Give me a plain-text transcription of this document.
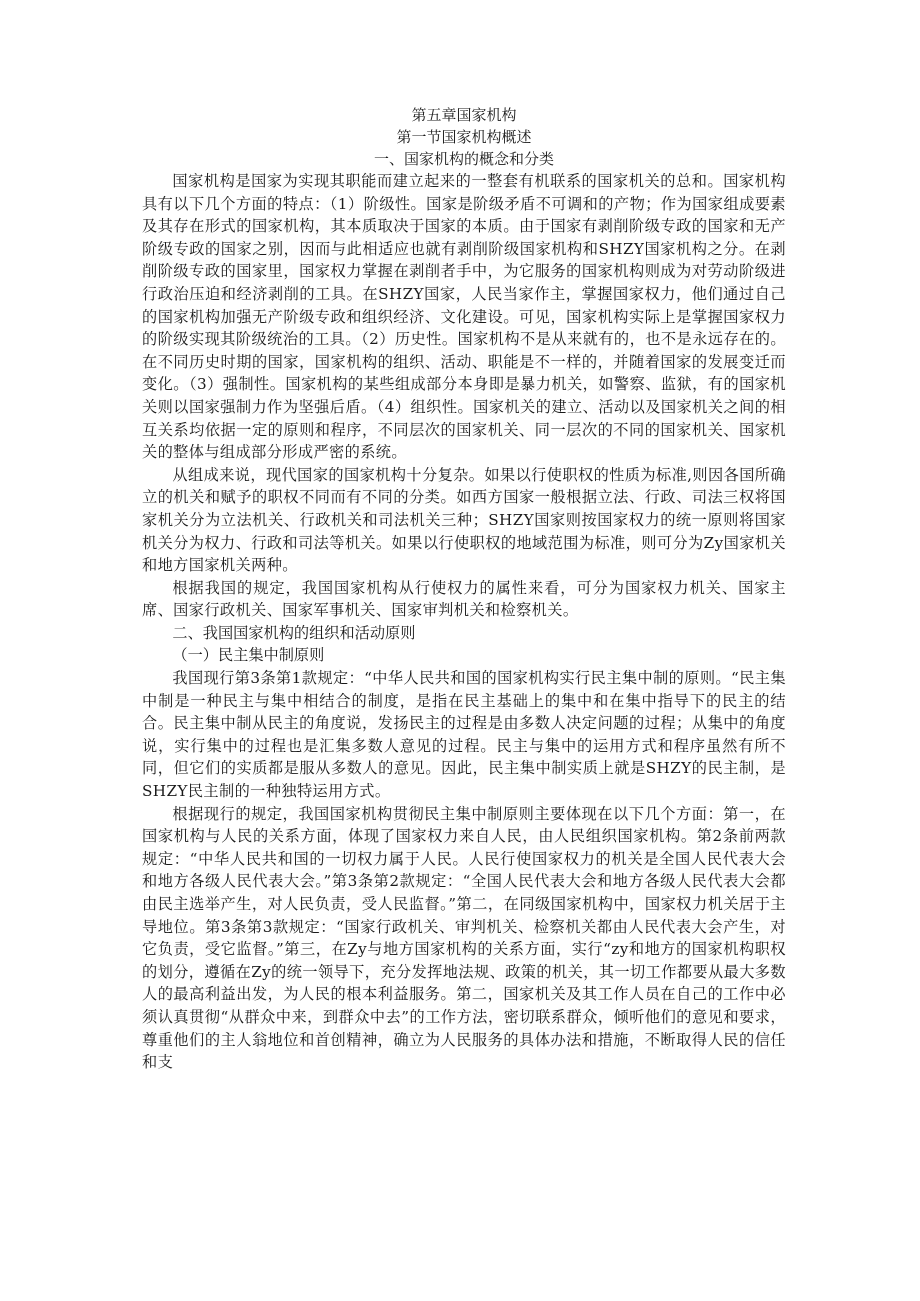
第五章国家机构

第一节国家机构概述

一、国家机构的概念和分类

国家机构是国家为实现其职能而建立起来的一整套有机联系的国家机关的总和。国家机构具有以下几个方面的特点：（1）阶级性。国家是阶级矛盾不可调和的产物；作为国家组成要素及其存在形式的国家机构，其本质取决于国家的本质。由于国家有剥削阶级专政的国家和无产阶级专政的国家之别，因而与此相适应也就有剥削阶级国家机构和SHZY国家机构之分。在剥削阶级专政的国家里，国家权力掌握在剥削者手中，为它服务的国家机构则成为对劳动阶级进行政治压迫和经济剥削的工具。在SHZY国家，人民当家作主，掌握国家权力，他们通过自己的国家机构加强无产阶级专政和组织经济、文化建设。可见，国家机构实际上是掌握国家权力的阶级实现其阶级统治的工具。（2）历史性。国家机构不是从来就有的，也不是永远存在的。在不同历史时期的国家，国家机构的组织、活动、职能是不一样的，并随着国家的发展变迁而变化。（3）强制性。国家机构的某些组成部分本身即是暴力机关，如警察、监狱，有的国家机关则以国家强制力作为坚强后盾。（4）组织性。国家机关的建立、活动以及国家机关之间的相互关系均依据一定的原则和程序，不同层次的国家机关、同一层次的不同的国家机关、国家机关的整体与组成部分形成严密的系统。

从组成来说，现代国家的国家机构十分复杂。如果以行使职权的性质为标准,则因各国所确立的机关和赋予的职权不同而有不同的分类。如西方国家一般根据立法、行政、司法三权将国家机关分为立法机关、行政机关和司法机关三种；SHZY国家则按国家权力的统一原则将国家机关分为权力、行政和司法等机关。如果以行使职权的地域范围为标准，则可分为Zy国家机关和地方国家机关两种。

根据我国的规定，我国国家机构从行使权力的属性来看，可分为国家权力机关、国家主席、国家行政机关、国家军事机关、国家审判机关和检察机关。

二、我国国家机构的组织和活动原则

（一）民主集中制原则

我国现行第3条第1款规定：“中华人民共和国的国家机构实行民主集中制的原则。“民主集中制是一种民主与集中相结合的制度，是指在民主基础上的集中和在集中指导下的民主的结合。民主集中制从民主的角度说，发扬民主的过程是由多数人决定问题的过程；从集中的角度说，实行集中的过程也是汇集多数人意见的过程。民主与集中的运用方式和程序虽然有所不同，但它们的实质都是服从多数人的意见。因此，民主集中制实质上就是SHZY的民主制，是SHZY民主制的一种独特运用方式。

根据现行的规定，我国国家机构贯彻民主集中制原则主要体现在以下几个方面：第一，在国家机构与人民的关系方面，体现了国家权力来自人民，由人民组织国家机构。第2条前两款规定：“中华人民共和国的一切权力属于人民。人民行使国家权力的机关是全国人民代表大会和地方各级人民代表大会。”第3条第2款规定：“全国人民代表大会和地方各级人民代表大会都由民主选举产生，对人民负责，受人民监督。”第二，在同级国家机构中，国家权力机关居于主导地位。第3条第3款规定：“国家行政机关、审判机关、检察机关都由人民代表大会产生，对它负责，受它监督。”第三，在Zy与地方国家机构的关系方面，实行“zy和地方的国家机构职权的划分，遵循在Zy的统一领导下，充分发挥地法规、政策的机关，其一切工作都要从最大多数人的最高利益出发，为人民的根本利益服务。第二，国家机关及其工作人员在自己的工作中必须认真贯彻“从群众中来，到群众中去”的工作方法，密切联系群众，倾听他们的意见和要求，尊重他们的主人翁地位和首创精神，确立为人民服务的具体办法和措施，不断取得人民的信任和支
